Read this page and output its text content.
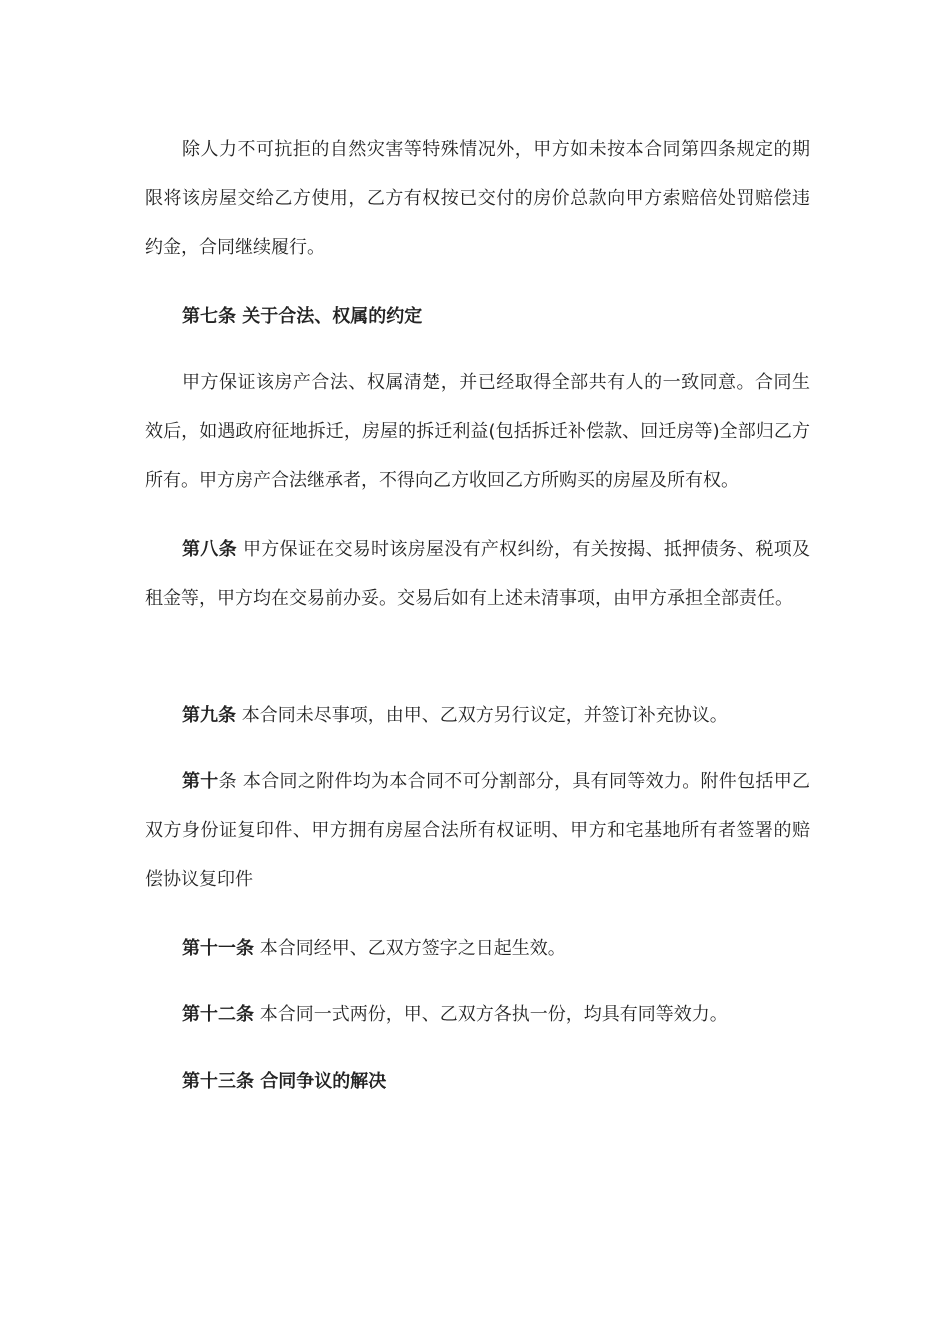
除人力不可抗拒的自然灾害等特殊情况外，甲方如未按本合同第四条规定的期限将该房屋交给乙方使用，乙方有权按已交付的房价总款向甲方索赔倍处罚赔偿违约金，合同继续履行。

第七条 关于合法、权属的约定

甲方保证该房产合法、权属清楚，并已经取得全部共有人的一致同意。合同生效后，如遇政府征地拆迁，房屋的拆迁利益(包括拆迁补偿款、回迁房等)全部归乙方所有。甲方房产合法继承者，不得向乙方收回乙方所购买的房屋及所有权。

第八条 甲方保证在交易时该房屋没有产权纠纷，有关按揭、抵押债务、税项及租金等，甲方均在交易前办妥。交易后如有上述未清事项，由甲方承担全部责任。

第九条 本合同未尽事项，由甲、乙双方另行议定，并签订补充协议。

第十条 本合同之附件均为本合同不可分割部分，具有同等效力。附件包括甲乙双方身份证复印件、甲方拥有房屋合法所有权证明、甲方和宅基地所有者签署的赔偿协议复印件

第十一条 本合同经甲、乙双方签字之日起生效。

第十二条 本合同一式两份，甲、乙双方各执一份，均具有同等效力。

第十三条 合同争议的解决
